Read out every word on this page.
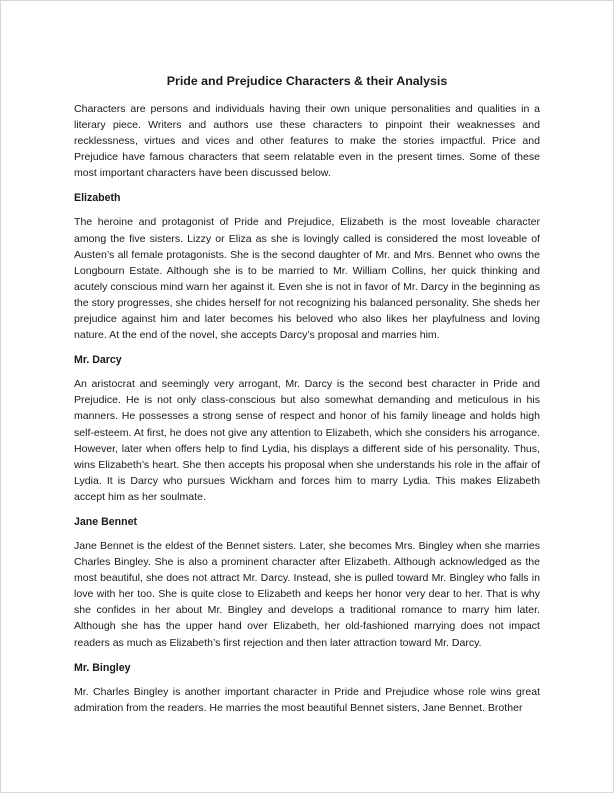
Pride and Prejudice Characters & their Analysis

Characters are persons and individuals having their own unique personalities and qualities in a literary piece. Writers and authors use these characters to pinpoint their weaknesses and recklessness, virtues and vices and other features to make the stories impactful. Price and Prejudice have famous characters that seem relatable even in the present times. Some of these most important characters have been discussed below.

Elizabeth

The heroine and protagonist of Pride and Prejudice, Elizabeth is the most loveable character among the five sisters. Lizzy or Eliza as she is lovingly called is considered the most loveable of Austen’s all female protagonists. She is the second daughter of Mr. and Mrs. Bennet who owns the Longbourn Estate. Although she is to be married to Mr. William Collins, her quick thinking and acutely conscious mind warn her against it. Even she is not in favor of Mr. Darcy in the beginning as the story progresses, she chides herself for not recognizing his balanced personality. She sheds her prejudice against him and later becomes his beloved who also likes her playfulness and loving nature. At the end of the novel, she accepts Darcy’s proposal and marries him.

Mr. Darcy

An aristocrat and seemingly very arrogant, Mr. Darcy is the second best character in Pride and Prejudice. He is not only class-conscious but also somewhat demanding and meticulous in his manners. He possesses a strong sense of respect and honor of his family lineage and holds high self-esteem. At first, he does not give any attention to Elizabeth, which she considers his arrogance. However, later when offers help to find Lydia, his displays a different side of his personality. Thus, wins Elizabeth’s heart. She then accepts his proposal when she understands his role in the affair of Lydia. It is Darcy who pursues Wickham and forces him to marry Lydia. This makes Elizabeth accept him as her soulmate.

Jane Bennet

Jane Bennet is the eldest of the Bennet sisters. Later, she becomes Mrs. Bingley when she marries Charles Bingley. She is also a prominent character after Elizabeth. Although acknowledged as the most beautiful, she does not attract Mr. Darcy. Instead, she is pulled toward Mr. Bingley who falls in love with her too. She is quite close to Elizabeth and keeps her honor very dear to her. That is why she confides in her about Mr. Bingley and develops a traditional romance to marry him later. Although she has the upper hand over Elizabeth, her old-fashioned marrying does not impact readers as much as Elizabeth’s first rejection and then later attraction toward Mr. Darcy.

Mr. Bingley

Mr. Charles Bingley is another important character in Pride and Prejudice whose role wins great admiration from the readers. He marries the most beautiful Bennet sisters, Jane Bennet. Brother
